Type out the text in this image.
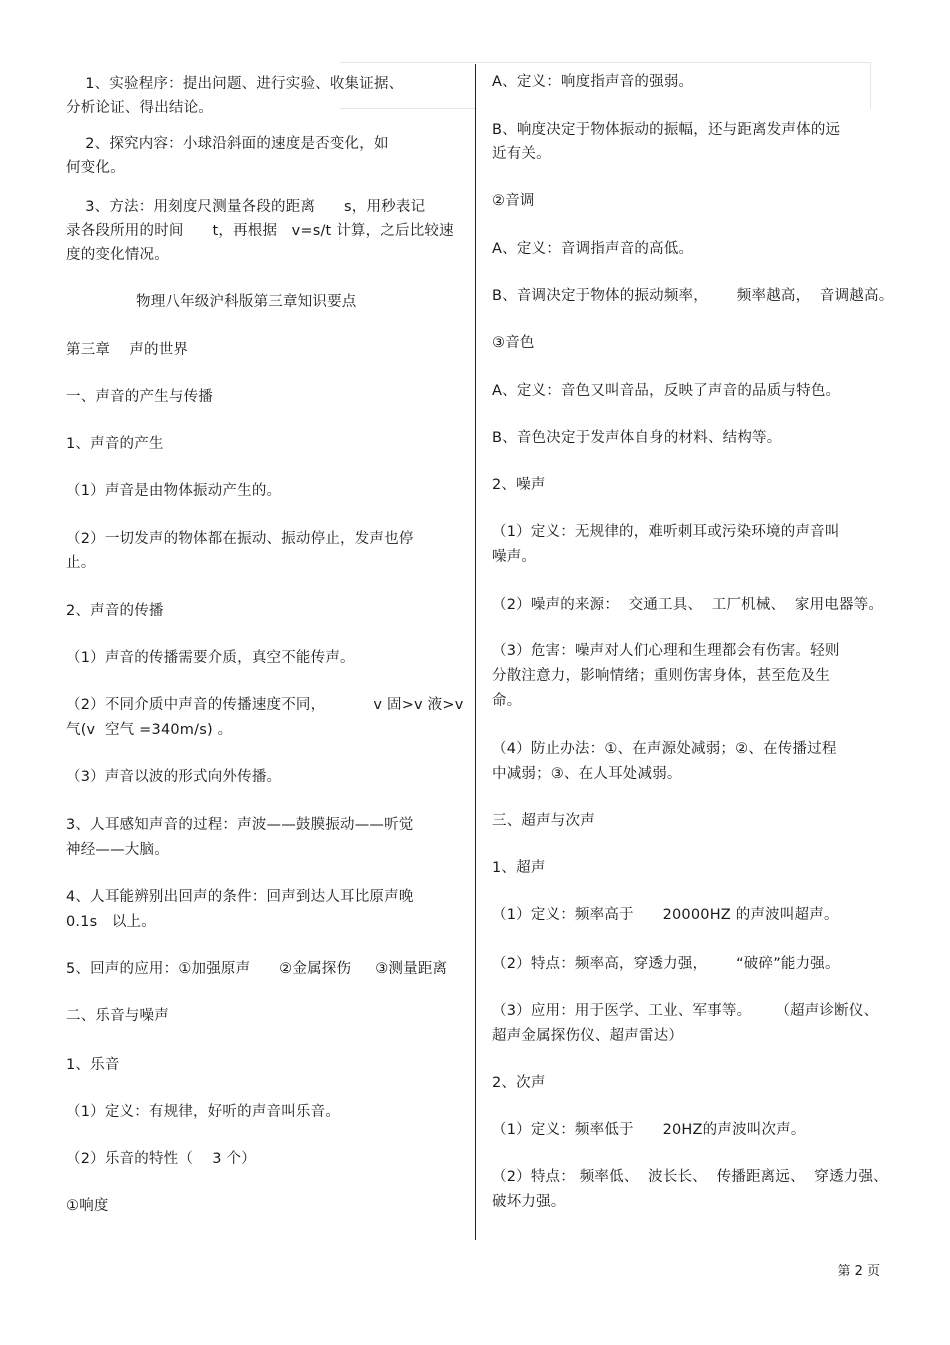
1、实验程序：提出问题、进行实验、收集证据、
分析论证、得出结论。
2、探究内容：小球沿斜面的速度是否变化，如
何变化。
3、方法：用刻度尺测量各段的距离      s，用秒表记
录各段所用的时间      t，再根据   v=s/t 计算，之后比较速
度的变化情况。
物理八年级沪科版第三章知识要点
第三章    声的世界
一、声音的产生与传播
1、声音的产生
（1）声音是由物体振动产生的。
（2）一切发声的物体都在振动、振动停止，发声也停
止。
2、声音的传播
（1）声音的传播需要介质，真空不能传声。
（2）不同介质中声音的传播速度不同，          v 固>v 液>v
气(v  空气 =340m/s) 。
（3）声音以波的形式向外传播。
3、人耳感知声音的过程：声波——鼓膜振动——听觉
神经——大脑。
4、人耳能辨别出回声的条件：回声到达人耳比原声晚
0.1s   以上。
5、回声的应用：①加强原声      ②金属探伤     ③测量距离
二、乐音与噪声
1、乐音
（1）定义：有规律，好听的声音叫乐音。
（2）乐音的特性（    3 个）
①响度
A、定义：响度指声音的强弱。
B、响度决定于物体振动的振幅，还与距离发声体的远
近有关。
②音调
A、定义：音调指声音的高低。
B、音调决定于物体的振动频率，      频率越高，  音调越高。
③音色
A、定义：音色又叫音品，反映了声音的品质与特色。
B、音色决定于发声体自身的材料、结构等。
2、噪声
（1）定义：无规律的，难听刺耳或污染环境的声音叫
噪声。
（2）噪声的来源：  交通工具、  工厂机械、  家用电器等。
（3）危害：噪声对人们心理和生理都会有伤害。轻则
分散注意力，影响情绪；重则伤害身体，甚至危及生
命。
（4）防止办法：①、在声源处减弱；②、在传播过程
中减弱；③、在人耳处减弱。
三、超声与次声
1、超声
（1）定义：频率高于      20000HZ 的声波叫超声。
（2）特点：频率高，穿透力强，      “破碎”能力强。
（3）应用：用于医学、工业、军事等。     （超声诊断仪、
超声金属探伤仪、超声雷达）
2、次声
（1）定义：频率低于      20HZ的声波叫次声。
（2）特点： 频率低、  波长长、  传播距离远、  穿透力强、
破坏力强。
第 2 页
